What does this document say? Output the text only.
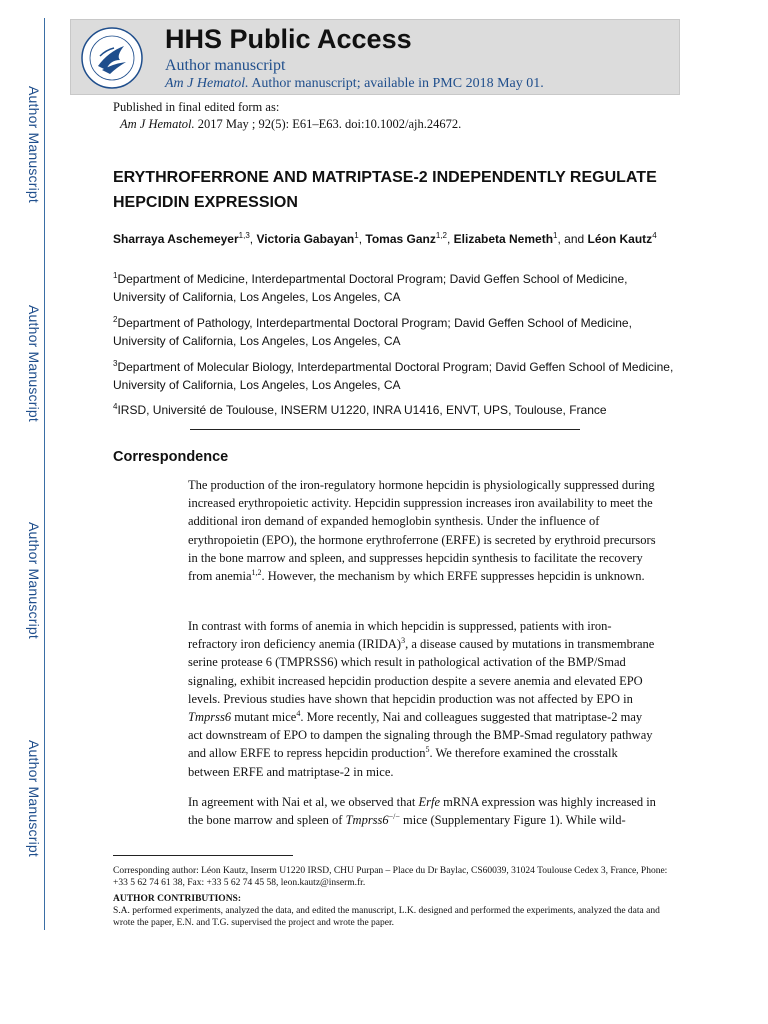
Author Manuscript
Author Manuscript
Author Manuscript
Author Manuscript
HHS Public Access
Author manuscript
Am J Hematol. Author manuscript; available in PMC 2018 May 01.
Published in final edited form as:
Am J Hematol. 2017 May ; 92(5): E61–E63. doi:10.1002/ajh.24672.
ERYTHROFERRONE AND MATRIPTASE-2 INDEPENDENTLY REGULATE HEPCIDIN EXPRESSION
Sharraya Aschemeyer$^{1,3}$, Victoria Gabayan$^1$, Tomas Ganz$^{1,2}$, Elizabeta Nemeth$^1$, and Léon Kautz$^4$
$^1$Department of Medicine, Interdepartmental Doctoral Program; David Geffen School of Medicine, University of California, Los Angeles, Los Angeles, CA
$^2$Department of Pathology, Interdepartmental Doctoral Program; David Geffen School of Medicine, University of California, Los Angeles, Los Angeles, CA
$^3$Department of Molecular Biology, Interdepartmental Doctoral Program; David Geffen School of Medicine, University of California, Los Angeles, Los Angeles, CA
$^4$IRSD, Université de Toulouse, INSERM U1220, INRA U1416, ENVT, UPS, Toulouse, France
Correspondence
The production of the iron-regulatory hormone hepcidin is physiologically suppressed during increased erythropoietic activity. Hepcidin suppression increases iron availability to meet the additional iron demand of expanded hemoglobin synthesis. Under the influence of erythropoietin (EPO), the hormone erythroferrone (ERFE) is secreted by erythroid precursors in the bone marrow and spleen, and suppresses hepcidin synthesis to facilitate the recovery from anemia$^{1,2}$. However, the mechanism by which ERFE suppresses hepcidin is unknown.
In contrast with forms of anemia in which hepcidin is suppressed, patients with iron-refractory iron deficiency anemia (IRIDA)$^3$, a disease caused by mutations in transmembrane serine protease 6 (TMPRSS6) which result in pathological activation of the BMP/Smad signaling, exhibit increased hepcidin production despite a severe anemia and elevated EPO levels. Previous studies have shown that hepcidin production was not affected by EPO in Tmprss6 mutant mice$^4$. More recently, Nai and colleagues suggested that matriptase-2 may act downstream of EPO to dampen the signaling through the BMP-Smad regulatory pathway and allow ERFE to repress hepcidin production$^5$. We therefore examined the crosstalk between ERFE and matriptase-2 in mice.
In agreement with Nai et al, we observed that Erfe mRNA expression was highly increased in the bone marrow and spleen of Tmprss6−/− mice (Supplementary Figure 1). While wild-
Corresponding author: Léon Kautz, Inserm U1220 IRSD, CHU Purpan – Place du Dr Baylac, CS60039, 31024 Toulouse Cedex 3, France, Phone: +33 5 62 74 61 38, Fax: +33 5 62 74 45 58, leon.kautz@inserm.fr.
AUTHOR CONTRIBUTIONS:
S.A. performed experiments, analyzed the data, and edited the manuscript, L.K. designed and performed the experiments, analyzed the data and wrote the paper, E.N. and T.G. supervised the project and wrote the paper.
